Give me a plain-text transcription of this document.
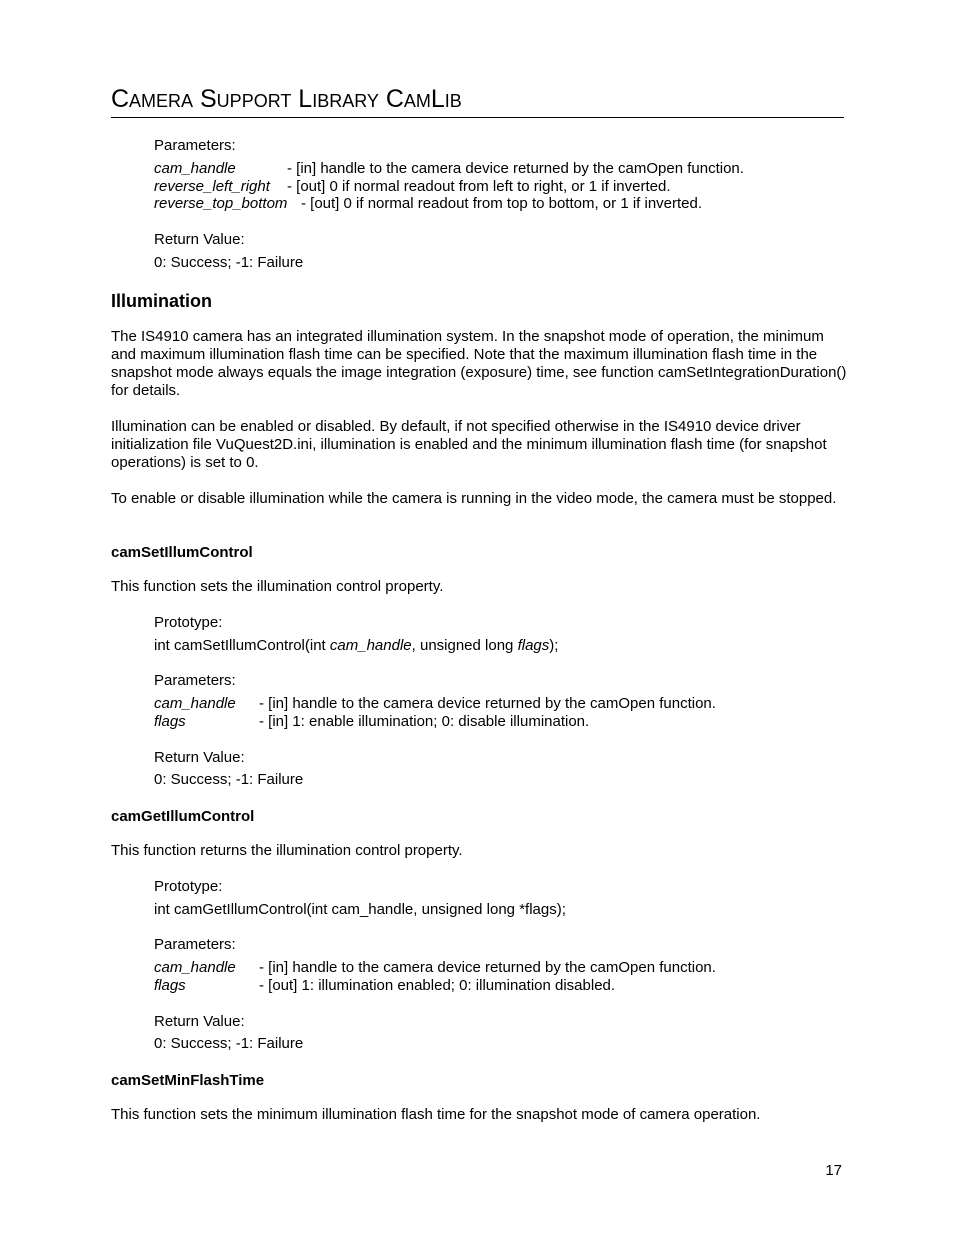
Camera Support Library CamLib
Parameters:
cam_handle	- [in] handle to the camera device returned by the camOpen function.
reverse_left_right - [out] 0 if normal readout from left to right, or 1 if inverted.
reverse_top_bottom - [out] 0 if normal readout from top to bottom, or 1 if inverted.
Return Value:
0: Success; -1: Failure
Illumination
The IS4910 camera has an integrated illumination system. In the snapshot mode of operation, the minimum and maximum illumination flash time can be specified. Note that the maximum illumination flash time in the snapshot mode always equals the image integration (exposure) time, see function camSetIntegrationDuration() for details.
Illumination can be enabled or disabled. By default, if not specified otherwise in the IS4910 device driver initialization file VuQuest2D.ini, illumination is enabled and the minimum illumination flash time (for snapshot operations) is set to 0.
To enable or disable illumination while the camera is running in the video mode, the camera must be stopped.
camSetIllumControl
This function sets the illumination control property.
Prototype:
int camSetIllumControl(int cam_handle, unsigned long flags);
Parameters:
cam_handle - [in] handle to the camera device returned by the camOpen function.
flags	- [in] 1: enable illumination; 0: disable illumination.
Return Value:
0: Success; -1: Failure
camGetIllumControl
This function returns the illumination control property.
Prototype:
int camGetIllumControl(int cam_handle, unsigned long *flags);
Parameters:
cam_handle - [in] handle to the camera device returned by the camOpen function.
flags	- [out] 1: illumination enabled; 0: illumination disabled.
Return Value:
0: Success; -1: Failure
camSetMinFlashTime
This function sets the minimum illumination flash time for the snapshot mode of camera operation.
17
